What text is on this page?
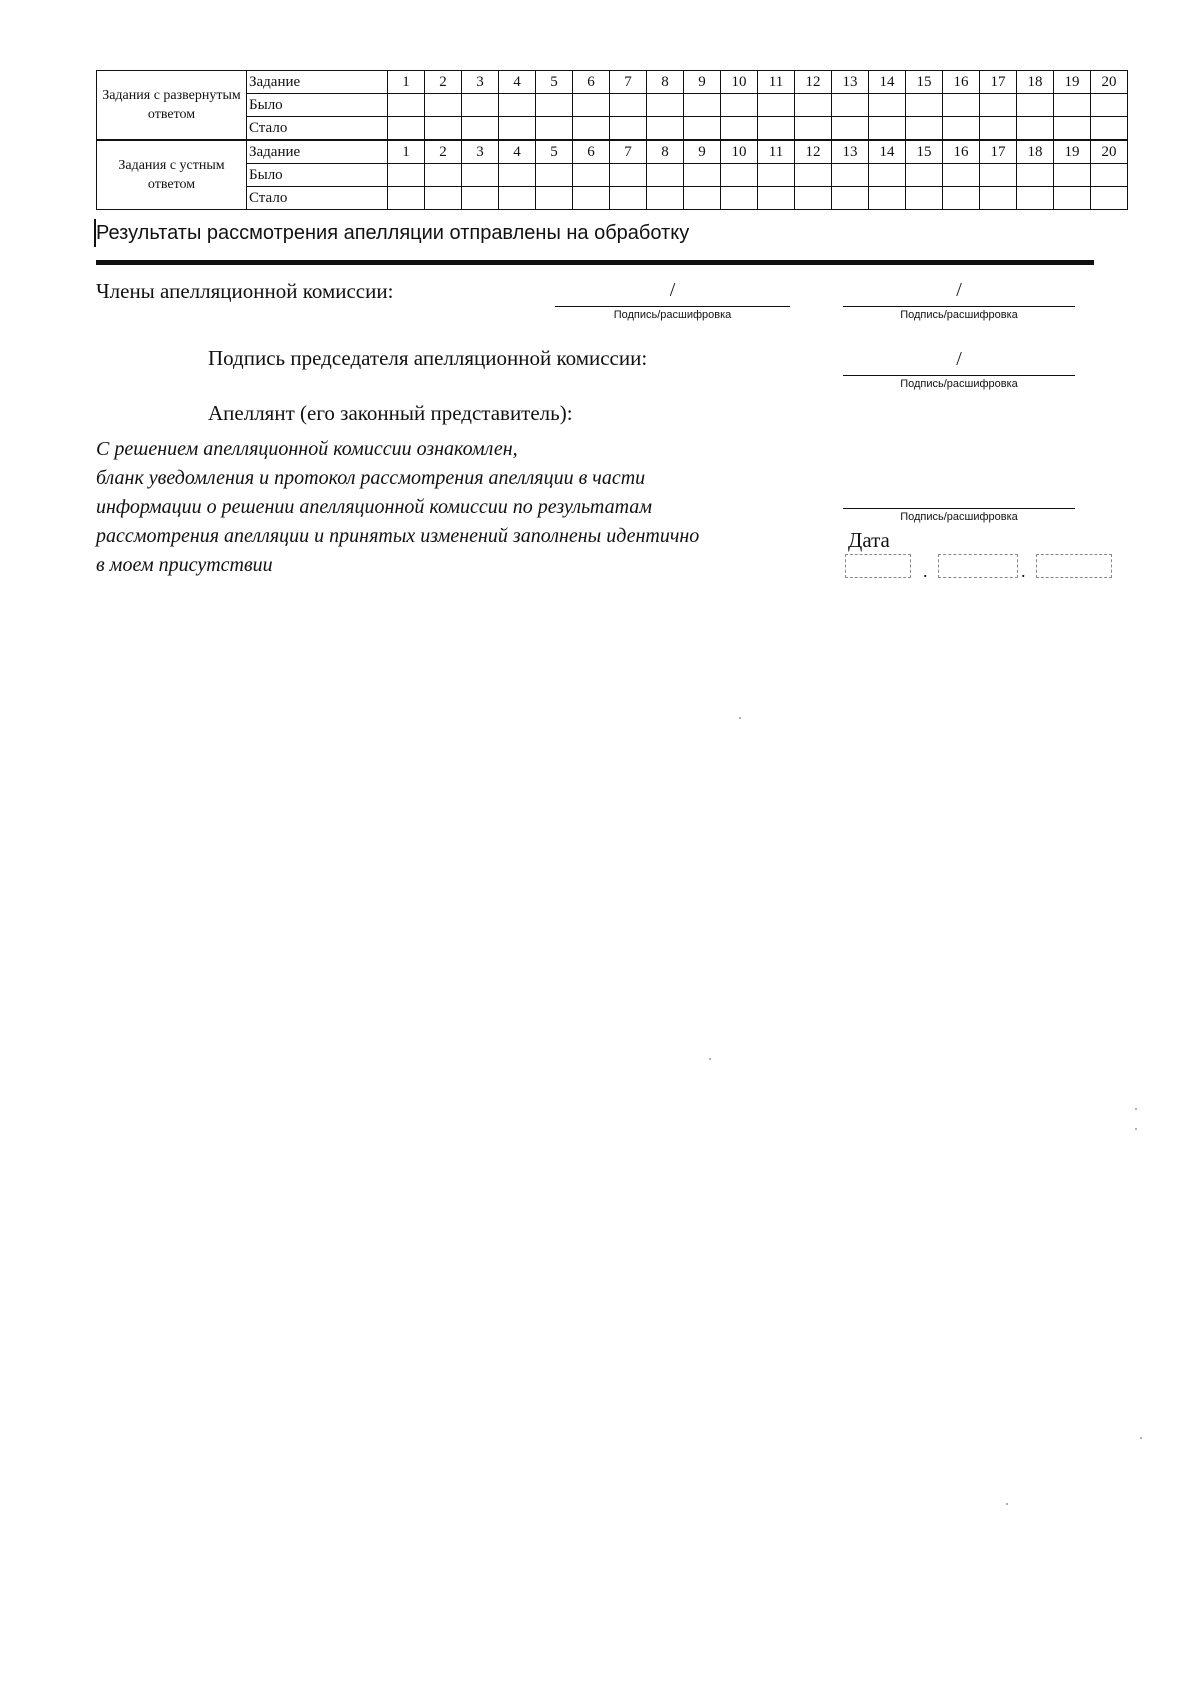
Задания с развернутым ответом	Задание	1	2	3	4	5	6	7	8	9	10	11	12	13	14	15	16	17	18	19	20
	Было																				
	Стало																				
Задания с устным ответом	Задание	1	2	3	4	5	6	7	8	9	10	11	12	13	14	15	16	17	18	19	20
	Было																				
	Стало																				
Результаты рассмотрения апелляции отправлены на обработку
Члены апелляционной комиссии:	/
Подпись/расшифровка
/
Подпись/расшифровка
Подпись председателя апелляционной комиссии:	/
Подпись/расшифровка
Апеллянт (его законный представитель):
С решением апелляционной комиссии ознакомлен,
бланк уведомления и протокол рассмотрения апелляции в части
информации о решении апелляционной комиссии по результатам
рассмотрения апелляции и принятых изменений заполнены идентично
в моем присутствии
Подпись/расшифровка
Дата
.	.
